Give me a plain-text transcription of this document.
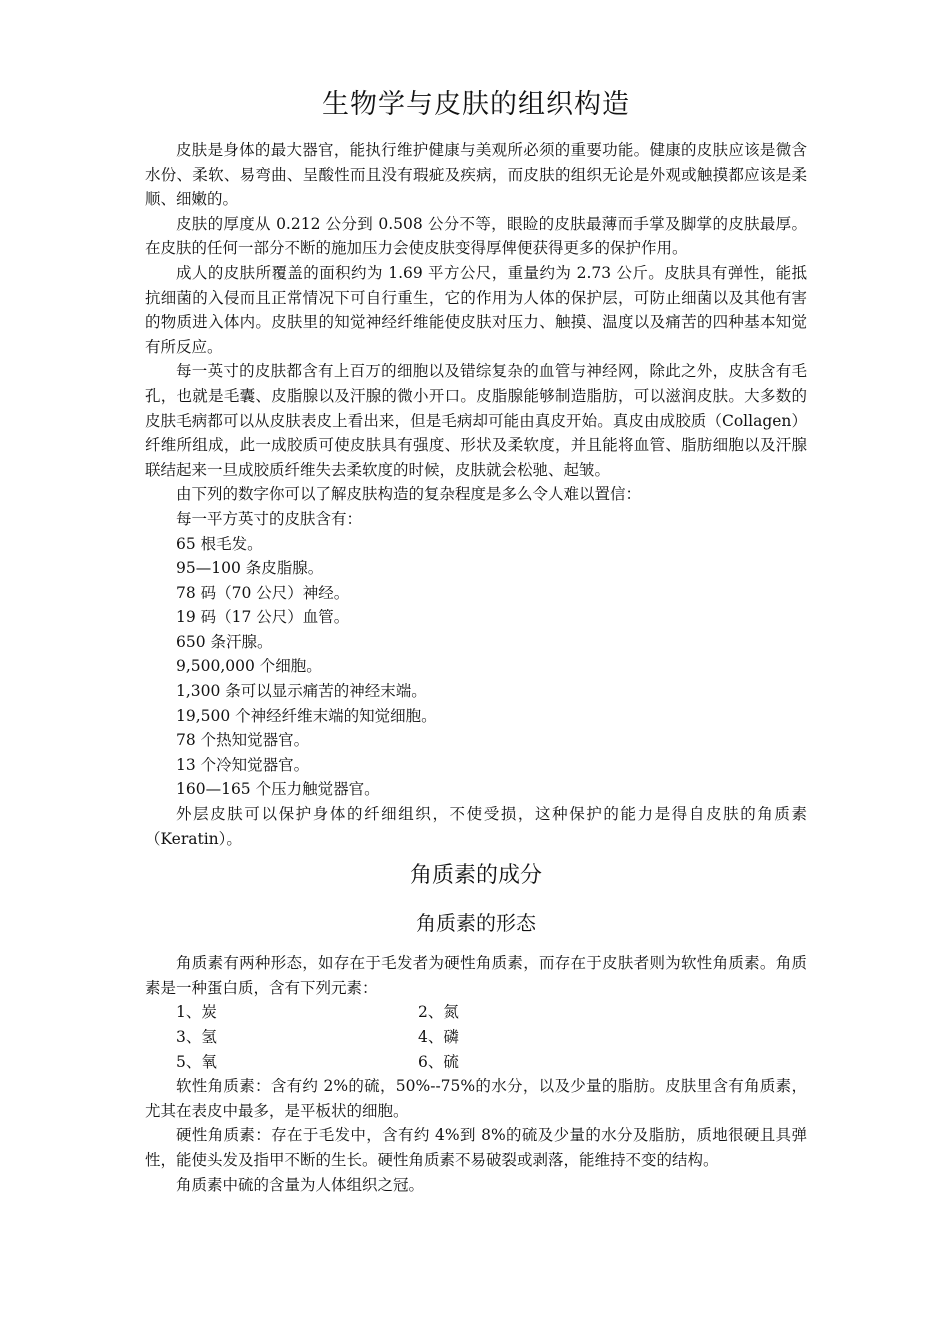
生物学与皮肤的组织构造

皮肤是身体的最大器官，能执行维护健康与美观所必须的重要功能。健康的皮肤应该是微含水份、柔软、易弯曲、呈酸性而且没有瑕疵及疾病，而皮肤的组织无论是外观或触摸都应该是柔顺、细嫩的。

皮肤的厚度从 0.212 公分到 0.508 公分不等，眼睑的皮肤最薄而手掌及脚掌的皮肤最厚。在皮肤的任何一部分不断的施加压力会使皮肤变得厚俾便获得更多的保护作用。

成人的皮肤所覆盖的面积约为 1.69 平方公尺，重量约为 2.73 公斤。皮肤具有弹性，能抵抗细菌的入侵而且正常情况下可自行重生，它的作用为人体的保护层，可防止细菌以及其他有害的物质进入体内。皮肤里的知觉神经纤维能使皮肤对压力、触摸、温度以及痛苦的四种基本知觉有所反应。

每一英寸的皮肤都含有上百万的细胞以及错综复杂的血管与神经网，除此之外，皮肤含有毛孔，也就是毛囊、皮脂腺以及汗腺的微小开口。皮脂腺能够制造脂肪，可以滋润皮肤。大多数的皮肤毛病都可以从皮肤表皮上看出来，但是毛病却可能由真皮开始。真皮由成胶质（Collagen）纤维所组成，此一成胶质可使皮肤具有强度、形状及柔软度，并且能将血管、脂肪细胞以及汗腺联结起来一旦成胶质纤维失去柔软度的时候，皮肤就会松驰、起皱。

由下列的数字你可以了解皮肤构造的复杂程度是多么令人难以置信：

每一平方英寸的皮肤含有：
65 根毛发。
95—100 条皮脂腺。
78 码（70 公尺）神经。
19 码（17 公尺）血管。
650 条汗腺。
9,500,000 个细胞。
1,300 条可以显示痛苦的神经末端。
19,500 个神经纤维末端的知觉细胞。
78 个热知觉器官。
13 个冷知觉器官。
160—165 个压力触觉器官。

外层皮肤可以保护身体的纤细组织，不使受损，这种保护的能力是得自皮肤的角质素（Keratin）。

角质素的成分
角质素的形态

角质素有两种形态，如存在于毛发者为硬性角质素，而存在于皮肤者则为软性角质素。角质素是一种蛋白质，含有下列元素：

1、炭	2、氮
3、氢	4、磷
5、氧	6、硫

软性角质素：含有约 2%的硫，50%--75%的水分，以及少量的脂肪。皮肤里含有角质素，尤其在表皮中最多，是平板状的细胞。

硬性角质素：存在于毛发中，含有约 4%到 8%的硫及少量的水分及脂肪，质地很硬且具弹性，能使头发及指甲不断的生长。硬性角质素不易破裂或剥落，能维持不变的结构。

角质素中硫的含量为人体组织之冠。
